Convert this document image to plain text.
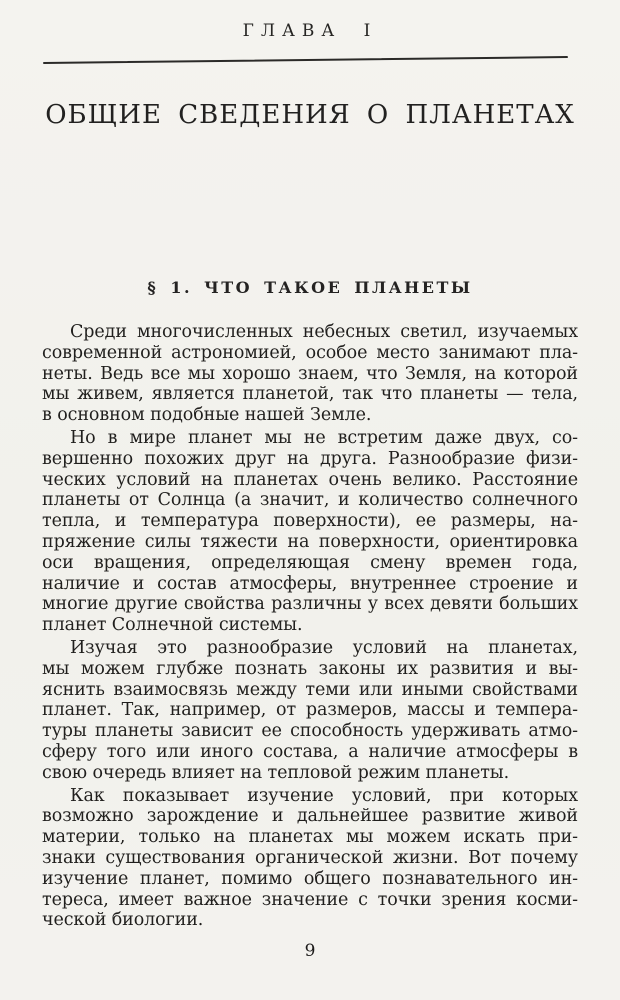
ГЛАВА I
ОБЩИЕ СВЕДЕНИЯ О ПЛАНЕТАХ
§ 1. ЧТО ТАКОЕ ПЛАНЕТЫ
Среди многочисленных небесных светил, изучаемых
современной астрономией, особое место занимают пла-
неты. Ведь все мы хорошо знаем, что Земля, на которой
мы живем, является планетой, так что планеты — тела,
в основном подобные нашей Земле.
Но в мире планет мы не встретим даже двух, со-
вершенно похожих друг на друга. Разнообразие физи-
ческих условий на планетах очень велико. Расстояние
планеты от Солнца (а значит, и количество солнечного
тепла, и температура поверхности), ее размеры, на-
пряжение силы тяжести на поверхности, ориентировка
оси вращения, определяющая смену времен года,
наличие и состав атмосферы, внутреннее строение и
многие другие свойства различны у всех девяти больших
планет Солнечной системы.
Изучая это разнообразие условий на планетах,
мы можем глубже познать законы их развития и вы-
яснить взаимосвязь между теми или иными свойствами
планет. Так, например, от размеров, массы и темпера-
туры планеты зависит ее способность удерживать атмо-
сферу того или иного состава, а наличие атмосферы в
свою очередь влияет на тепловой режим планеты.
Как показывает изучение условий, при которых
возможно зарождение и дальнейшее развитие живой
материи, только на планетах мы можем искать при-
знаки существования органической жизни. Вот почему
изучение планет, помимо общего познавательного ин-
тереса, имеет важное значение с точки зрения косми-
ческой биологии.
9
